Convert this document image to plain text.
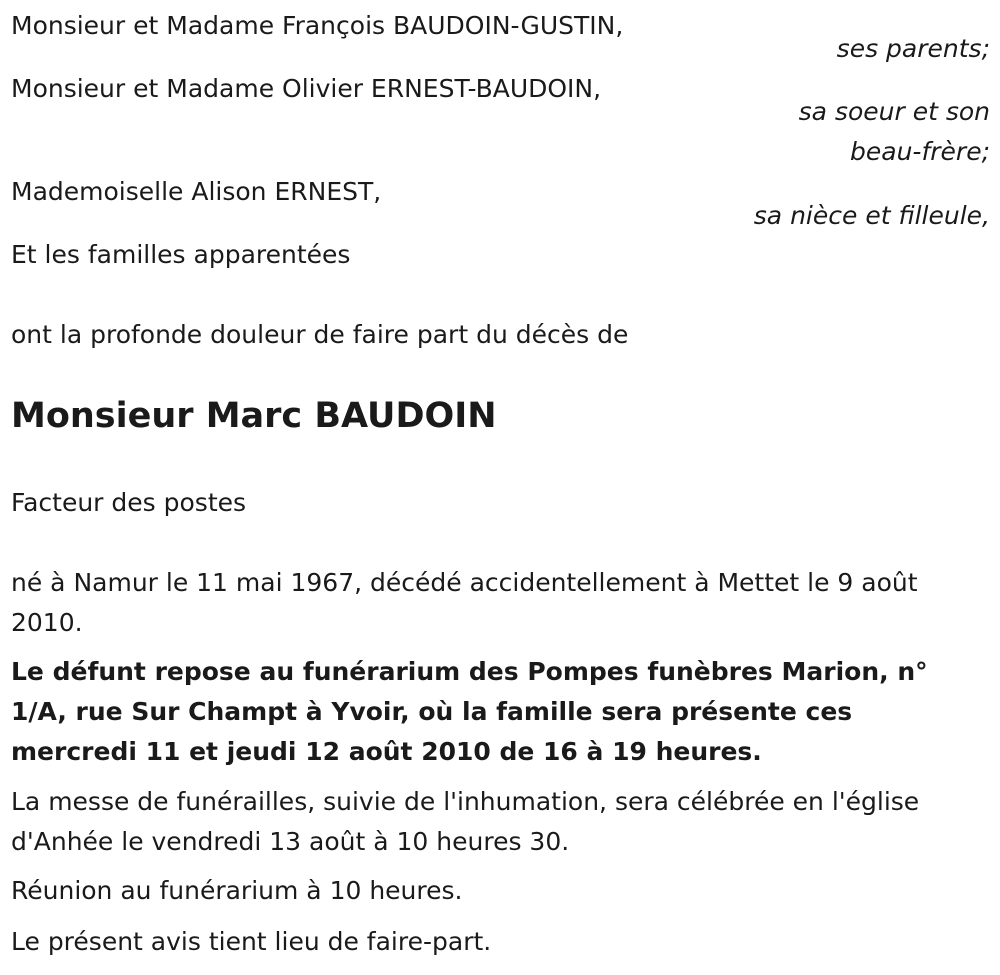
Monsieur et Madame François BAUDOIN-GUSTIN,
ses parents;
Monsieur et Madame Olivier ERNEST-BAUDOIN,
sa soeur et son
beau-frère;
Mademoiselle Alison ERNEST,
sa nièce et filleule,
Et les familles apparentées
ont la profonde douleur de faire part du décès de
Monsieur Marc BAUDOIN
Facteur des postes
né à Namur le 11 mai 1967, décédé accidentellement à Mettet le 9 août 2010.
Le défunt repose au funérarium des Pompes funèbres Marion, n° 1/A, rue Sur Champt à Yvoir, où la famille sera présente ces mercredi 11 et jeudi 12 août 2010 de 16 à 19 heures.
La messe de funérailles, suivie de l'inhumation, sera célébrée en l'église d'Anhée le vendredi 13 août à 10 heures 30.
Réunion au funérarium à 10 heures.
Le présent avis tient lieu de faire-part.
